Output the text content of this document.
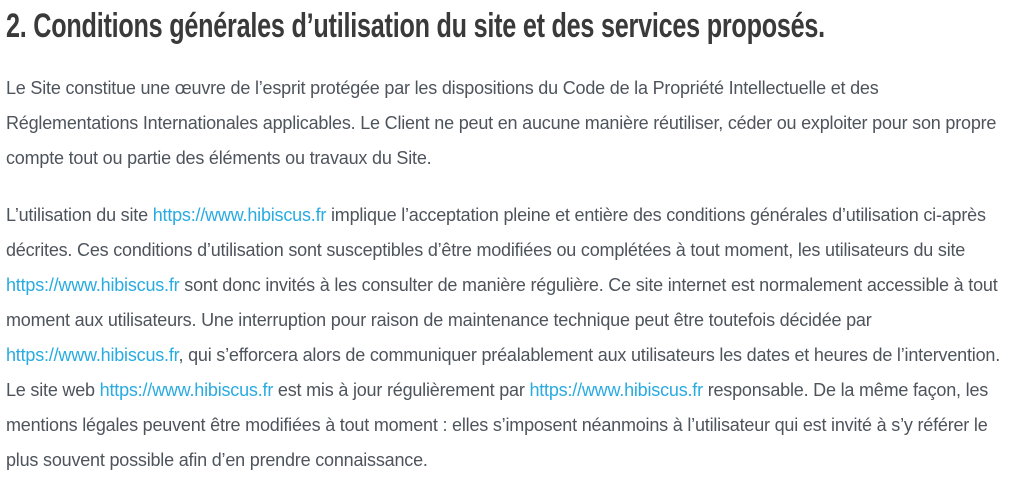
2. Conditions générales d’utilisation du site et des services proposés.

Le Site constitue une œuvre de l’esprit protégée par les dispositions du Code de la Propriété Intellectuelle et des Réglementations Internationales applicables. Le Client ne peut en aucune manière réutiliser, céder ou exploiter pour son propre compte tout ou partie des éléments ou travaux du Site.

L’utilisation du site https://www.hibiscus.fr implique l’acceptation pleine et entière des conditions générales d’utilisation ci-après décrites. Ces conditions d’utilisation sont susceptibles d’être modifiées ou complétées à tout moment, les utilisateurs du site https://www.hibiscus.fr sont donc invités à les consulter de manière régulière. Ce site internet est normalement accessible à tout moment aux utilisateurs. Une interruption pour raison de maintenance technique peut être toutefois décidée par https://www.hibiscus.fr, qui s’efforcera alors de communiquer préalablement aux utilisateurs les dates et heures de l’intervention. Le site web https://www.hibiscus.fr est mis à jour régulièrement par https://www.hibiscus.fr responsable. De la même façon, les mentions légales peuvent être modifiées à tout moment : elles s’imposent néanmoins à l’utilisateur qui est invité à s’y référer le plus souvent possible afin d’en prendre connaissance.
